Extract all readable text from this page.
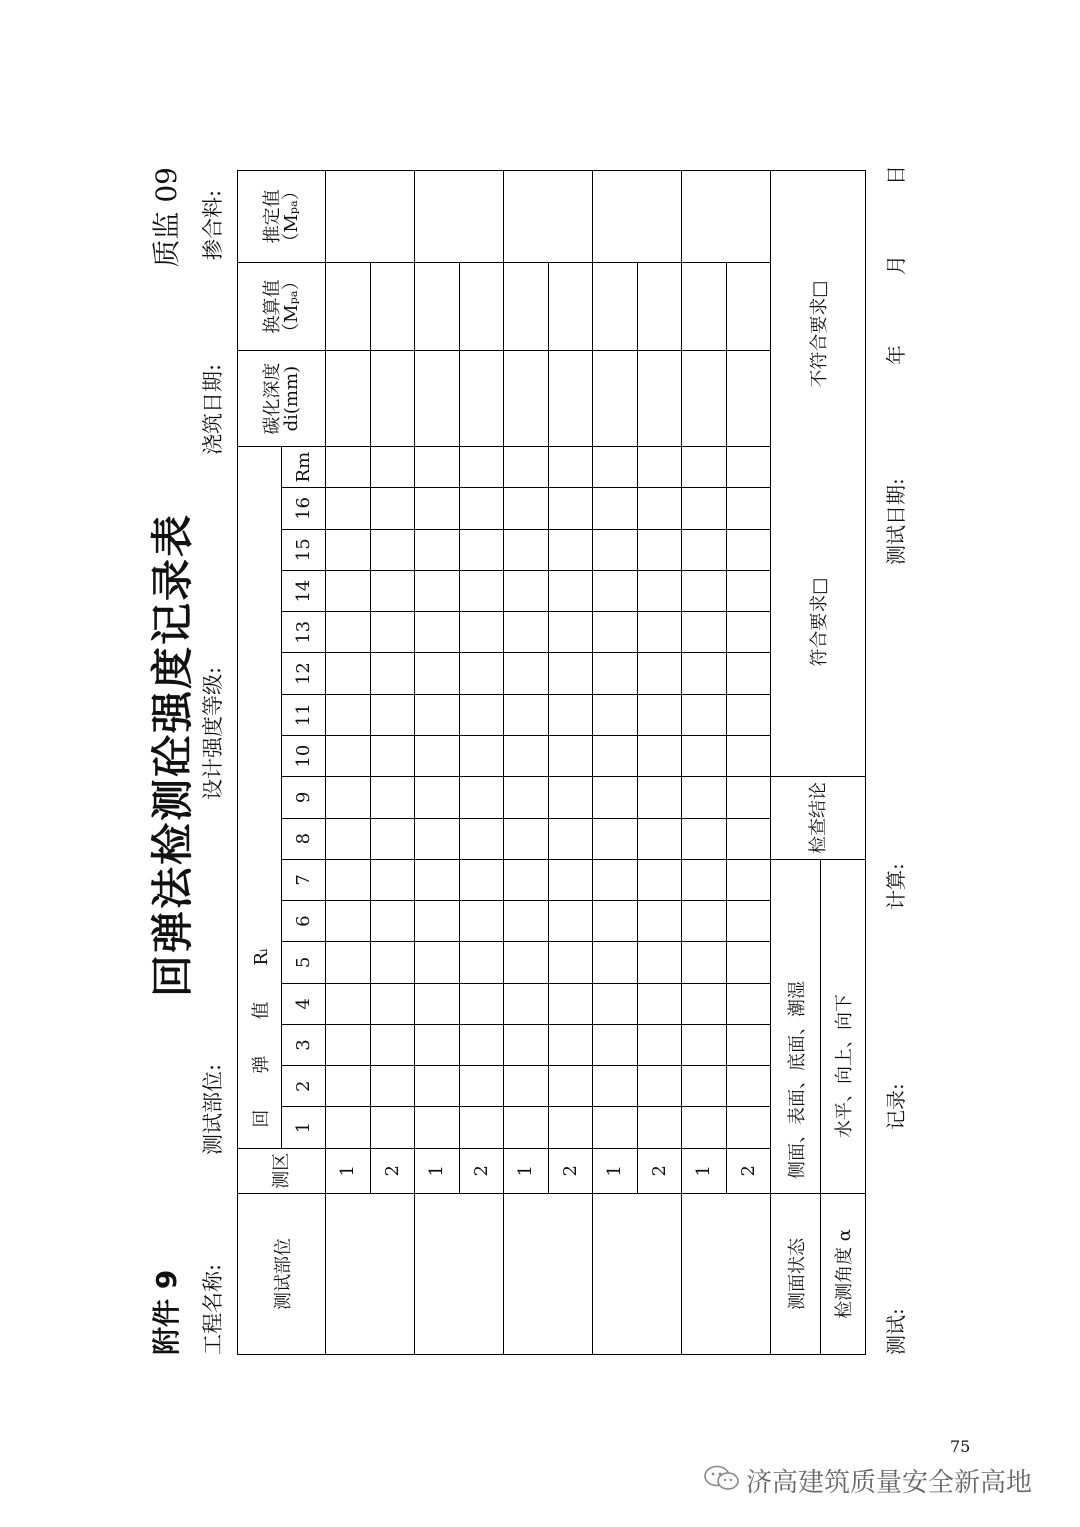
附件 9
质监 09
回弹法检测砼强度记录表
工程名称:
测试部位:
设计强度等级:
浇筑日期:
掺合料:
测试部位	测区	回　　弹　　值　　Rᵢ																	碳化深度 di(mm)	换算值（Mₚₐ）	推定值（Mₚₐ）
		1	2	3	4	5	6	7	8	9	10	11	12	13	14	15	16	Rm			
	1																				
	2																				
	1																				
	2																				
	1																				
	2																				
	1																				
	2																				
	1																				
	2																				
测面状态	侧面、表面、底面、潮湿								检查结论		符合要求□不符合要求□										
检测角度 α	水平、向上、向下																				
测试:
记录:
计算:
测试日期:
年
月
日
75
济高建筑质量安全新高地
